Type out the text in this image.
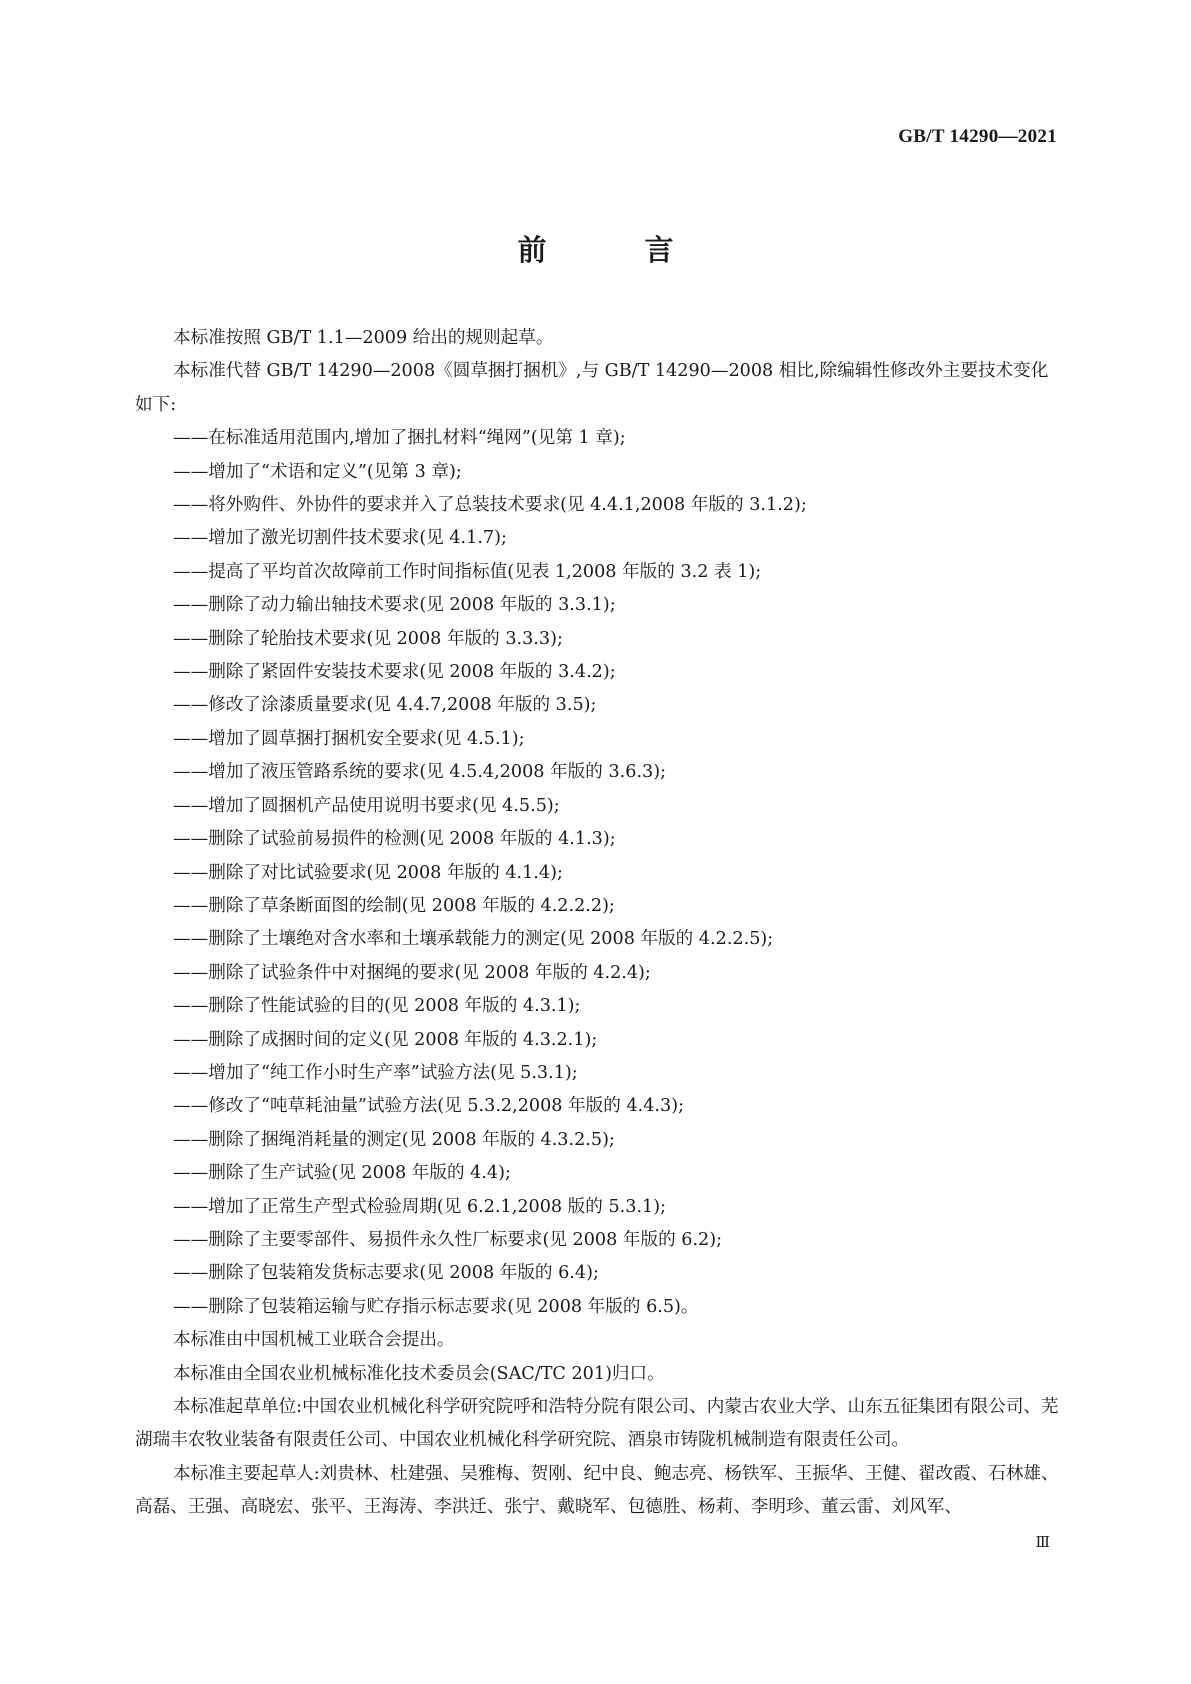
GB/T 14290—2021
前 言

本标准按照 GB/T 1.1—2009 给出的规则起草。

本标准代替 GB/T 14290—2008《圆草捆打捆机》,与 GB/T 14290—2008 相比,除编辑性修改外主要技术变化如下:

——在标准适用范围内,增加了捆扎材料“绳网”(见第 1 章);

——增加了“术语和定义”(见第 3 章);

——将外购件、外协件的要求并入了总装技术要求(见 4.4.1,2008 年版的 3.1.2);

——增加了激光切割件技术要求(见 4.1.7);

——提高了平均首次故障前工作时间指标值(见表 1,2008 年版的 3.2 表 1);

——删除了动力输出轴技术要求(见 2008 年版的 3.3.1);

——删除了轮胎技术要求(见 2008 年版的 3.3.3);

——删除了紧固件安装技术要求(见 2008 年版的 3.4.2);

——修改了涂漆质量要求(见 4.4.7,2008 年版的 3.5);

——增加了圆草捆打捆机安全要求(见 4.5.1);

——增加了液压管路系统的要求(见 4.5.4,2008 年版的 3.6.3);

——增加了圆捆机产品使用说明书要求(见 4.5.5);

——删除了试验前易损件的检测(见 2008 年版的 4.1.3);

——删除了对比试验要求(见 2008 年版的 4.1.4);

——删除了草条断面图的绘制(见 2008 年版的 4.2.2.2);

——删除了土壤绝对含水率和土壤承载能力的测定(见 2008 年版的 4.2.2.5);

——删除了试验条件中对捆绳的要求(见 2008 年版的 4.2.4);

——删除了性能试验的目的(见 2008 年版的 4.3.1);

——删除了成捆时间的定义(见 2008 年版的 4.3.2.1);

——增加了“纯工作小时生产率”试验方法(见 5.3.1);

——修改了“吨草耗油量”试验方法(见 5.3.2,2008 年版的 4.4.3);

——删除了捆绳消耗量的测定(见 2008 年版的 4.3.2.5);

——删除了生产试验(见 2008 年版的 4.4);

——增加了正常生产型式检验周期(见 6.2.1,2008 版的 5.3.1);

——删除了主要零部件、易损件永久性厂标要求(见 2008 年版的 6.2);

——删除了包装箱发货标志要求(见 2008 年版的 6.4);

——删除了包装箱运输与贮存指示标志要求(见 2008 年版的 6.5)。

本标准由中国机械工业联合会提出。

本标准由全国农业机械标准化技术委员会(SAC/TC 201)归口。

本标准起草单位:中国农业机械化科学研究院呼和浩特分院有限公司、内蒙古农业大学、山东五征集团有限公司、芜湖瑞丰农牧业装备有限责任公司、中国农业机械化科学研究院、酒泉市铸陇机械制造有限责任公司。

本标准主要起草人:刘贵林、杜建强、吴雅梅、贺刚、纪中良、鲍志亮、杨铁军、王振华、王健、翟改霞、石林雄、高磊、王强、高晓宏、张平、王海涛、李洪迁、张宁、戴晓军、包德胜、杨莉、李明珍、董云雷、刘风军、

Ⅲ
